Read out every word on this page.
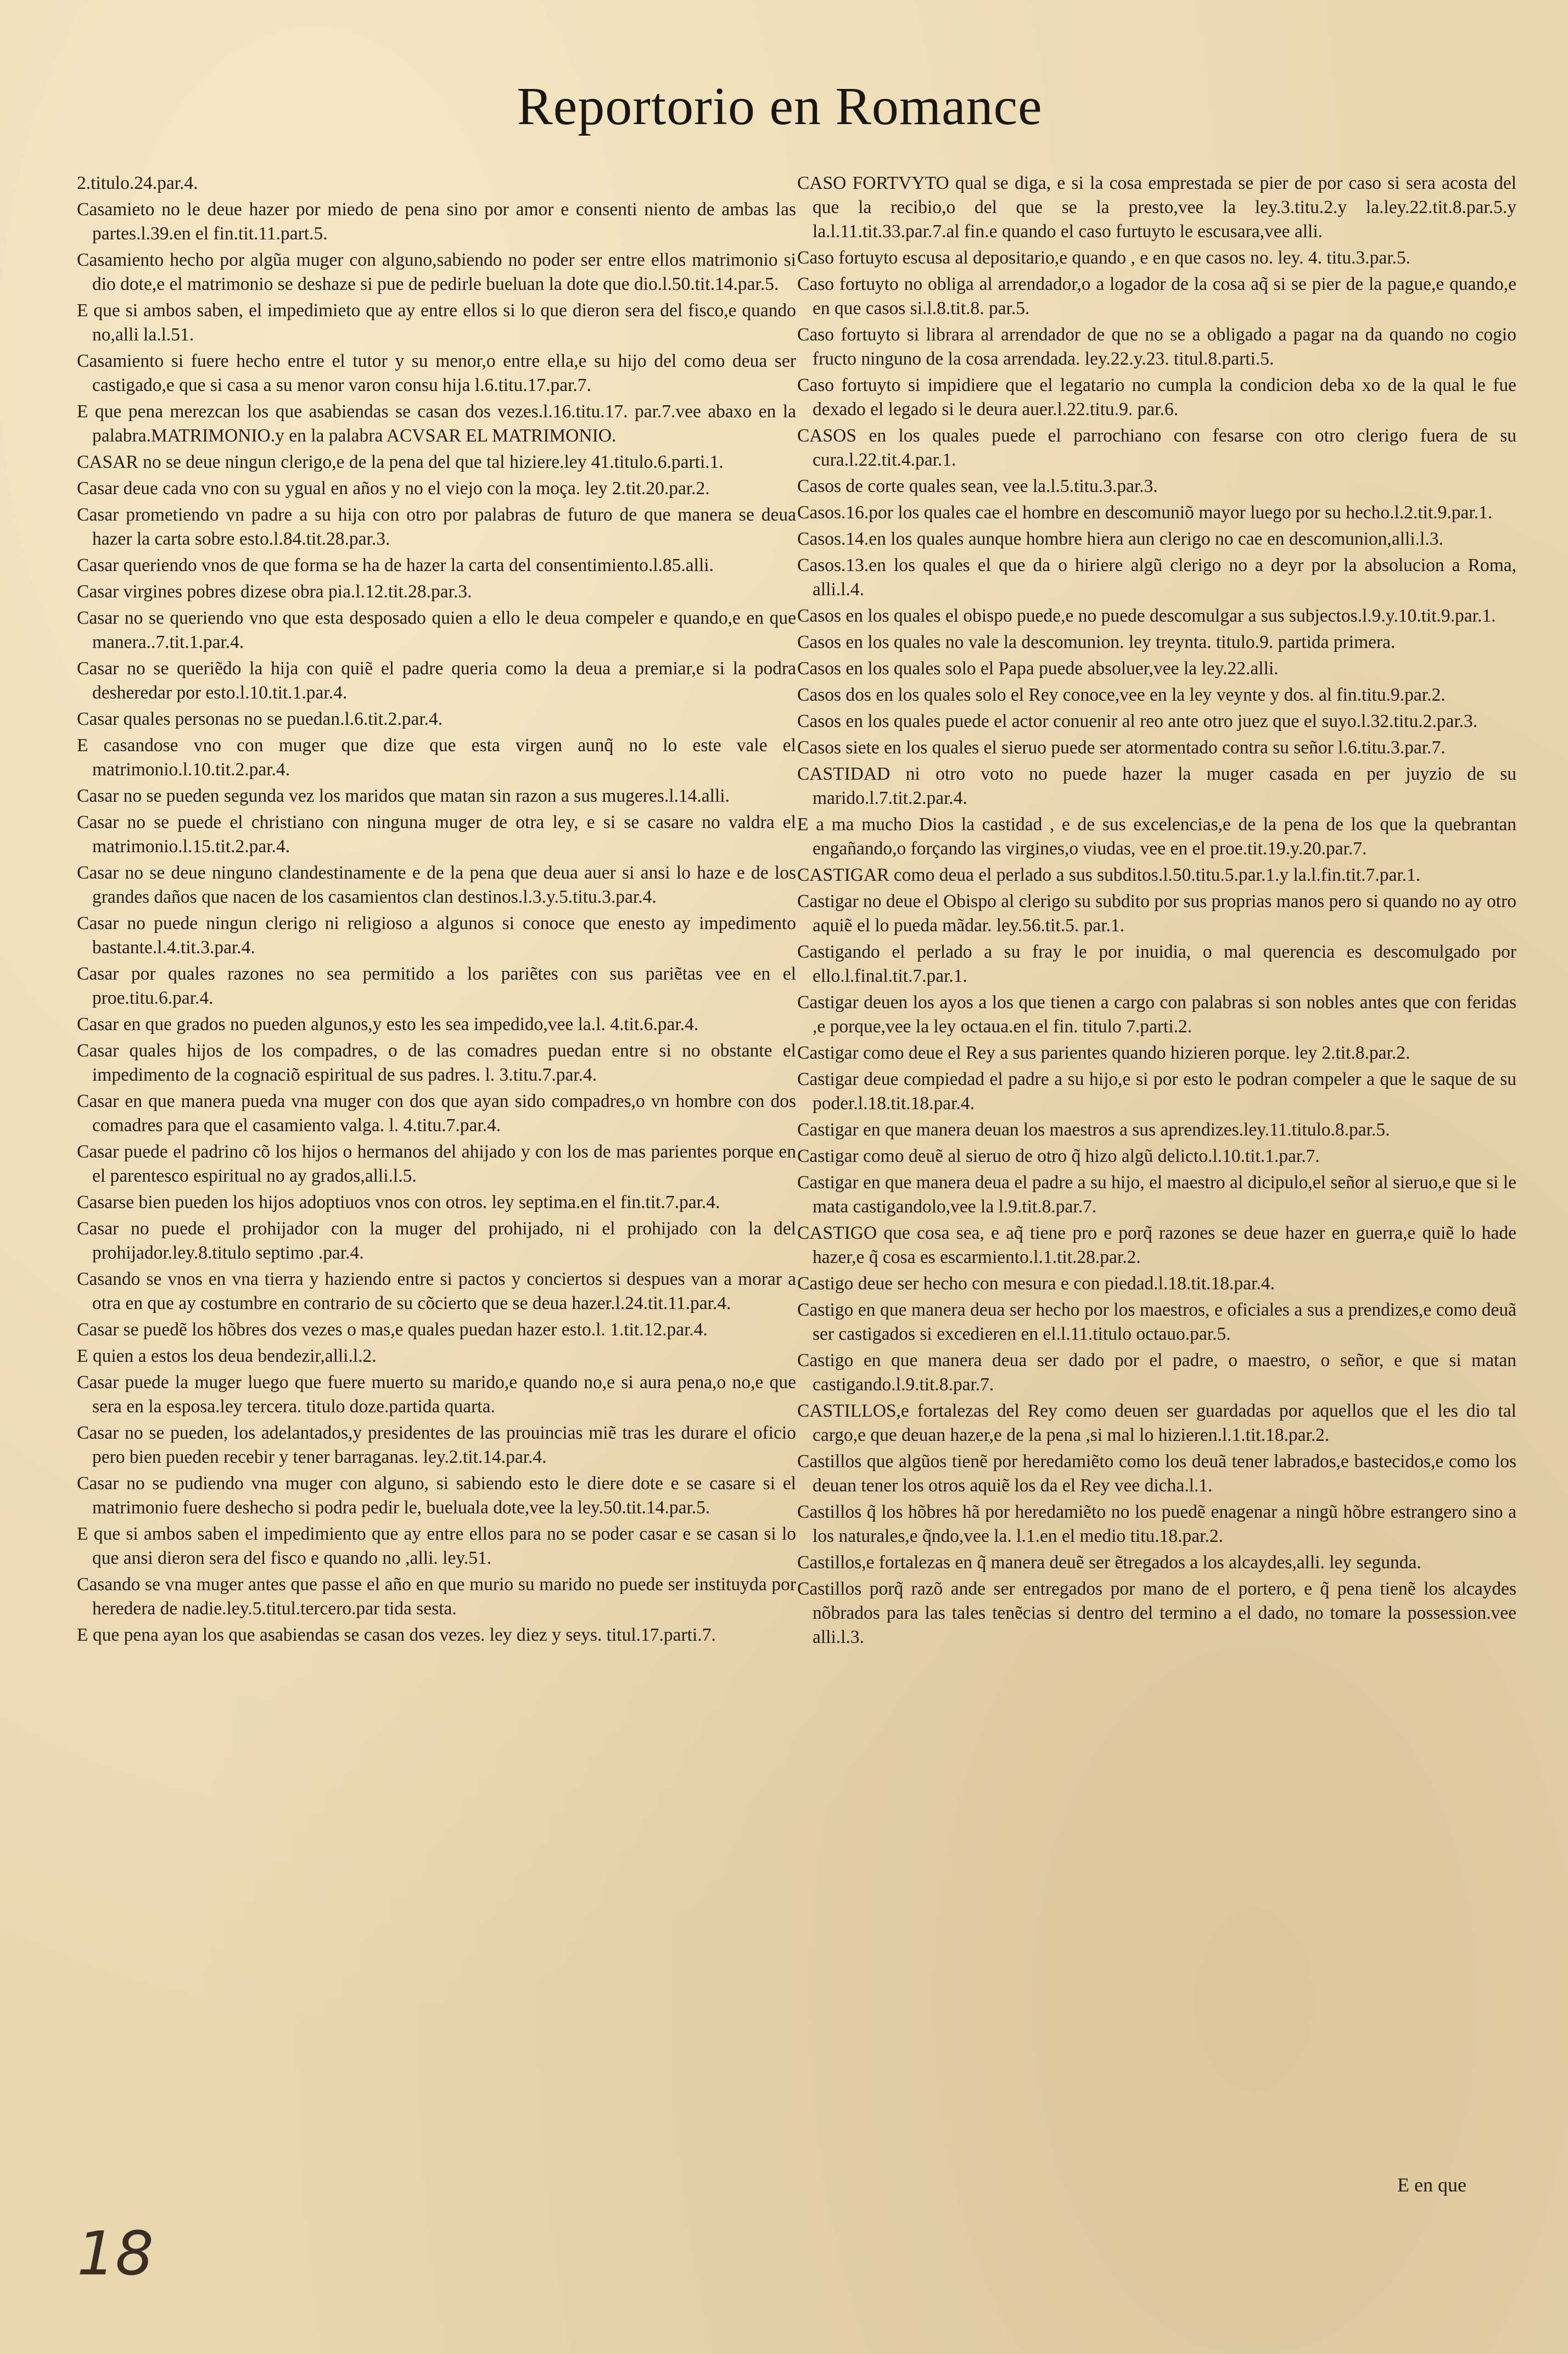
Reportorio en Romance

2.titulo.24.par.4.

Casamieto no le deue hazer por miedo de pena sino por amor e consenti niento de ambas las partes.l.39.en el fin.tit.11.part.5.

Casamiento hecho por algũa muger con alguno,sabiendo no poder ser entre ellos matrimonio si dio dote,e el matrimonio se deshaze si pue de pedirle bueluan la dote que dio.l.50.tit.14.par.5.

E que si ambos saben, el impedimieto que ay entre ellos si lo que dieron sera del fisco,e quando no,alli la.l.51.

Casamiento si fuere hecho entre el tutor y su menor,o entre ella,e su hijo del como deua ser castigado,e que si casa a su menor varon consu hija l.6.titu.17.par.7.

E que pena merezcan los que asabiendas se casan dos vezes.l.16.titu.17. par.7.vee abaxo en la palabra.MATRIMONIO.y en la palabra ACVSAR EL MATRIMONIO.

CASAR no se deue ningun clerigo,e de la pena del que tal hiziere.ley 41.titulo.6.parti.1.

Casar deue cada vno con su ygual en años y no el viejo con la moça. ley 2.tit.20.par.2.

Casar prometiendo vn padre a su hija con otro por palabras de futuro de que manera se deua hazer la carta sobre esto.l.84.tit.28.par.3.

Casar queriendo vnos de que forma se ha de hazer la carta del consentimiento.l.85.alli.

Casar virgines pobres dizese obra pia.l.12.tit.28.par.3.

Casar no se queriendo vno que esta desposado quien a ello le deua compeler e quando,e en que manera..7.tit.1.par.4.

Casar no se queriẽdo la hija con quiẽ el padre queria como la deua a premiar,e si la podra desheredar por esto.l.10.tit.1.par.4.

Casar quales personas no se puedan.l.6.tit.2.par.4.

E casandose vno con muger que dize que esta virgen aunq̃ no lo este vale el matrimonio.l.10.tit.2.par.4.

Casar no se pueden segunda vez los maridos que matan sin razon a sus mugeres.l.14.alli.

Casar no se puede el christiano con ninguna muger de otra ley, e si se casare no valdra el matrimonio.l.15.tit.2.par.4.

Casar no se deue ninguno clandestinamente e de la pena que deua auer si ansi lo haze e de los grandes daños que nacen de los casamientos clan destinos.l.3.y.5.titu.3.par.4.

Casar no puede ningun clerigo ni religioso a algunos si conoce que enesto ay impedimento bastante.l.4.tit.3.par.4.

Casar por quales razones no sea permitido a los pariẽtes con sus pariẽtas vee en el proe.titu.6.par.4.

Casar en que grados no pueden algunos,y esto les sea impedido,vee la.l. 4.tit.6.par.4.

Casar quales hijos de los compadres, o de las comadres puedan entre si no obstante el impedimento de la cognaciõ espiritual de sus padres. l. 3.titu.7.par.4.

Casar en que manera pueda vna muger con dos que ayan sido compadres,o vn hombre con dos comadres para que el casamiento valga. l. 4.titu.7.par.4.

Casar puede el padrino cõ los hijos o hermanos del ahijado y con los de mas parientes porque en el parentesco espiritual no ay grados,alli.l.5.

Casarse bien pueden los hijos adoptiuos vnos con otros. ley septima.en el fin.tit.7.par.4.

Casar no puede el prohijador con la muger del prohijado, ni el prohijado con la del prohijador.ley.8.titulo septimo .par.4.

Casando se vnos en vna tierra y haziendo entre si pactos y conciertos si despues van a morar a otra en que ay costumbre en contrario de su cõcierto que se deua hazer.l.24.tit.11.par.4.

Casar se puedẽ los hõbres dos vezes o mas,e quales puedan hazer esto.l. 1.tit.12.par.4.

E quien a estos los deua bendezir,alli.l.2.

Casar puede la muger luego que fuere muerto su marido,e quando no,e si aura pena,o no,e que sera en la esposa.ley tercera. titulo doze.partida quarta.

Casar no se pueden, los adelantados,y presidentes de las prouincias miẽ tras les durare el oficio pero bien pueden recebir y tener barraganas. ley.2.tit.14.par.4.

Casar no se pudiendo vna muger con alguno, si sabiendo esto le diere dote e se casare si el matrimonio fuere deshecho si podra pedir le, bueluala dote,vee la ley.50.tit.14.par.5.

E que si ambos saben el impedimiento que ay entre ellos para no se poder casar e se casan si lo que ansi dieron sera del fisco e quando no ,alli. ley.51.

Casando se vna muger antes que passe el año en que murio su marido no puede ser instituyda por heredera de nadie.ley.5.titul.tercero.par tida sesta.

E que pena ayan los que asabiendas se casan dos vezes. ley diez y seys. titul.17.parti.7.

CASO FORTVYTO qual se diga, e si la cosa emprestada se pier de por caso si sera acosta del que la recibio,o del que se la presto,vee la ley.3.titu.2.y la.ley.22.tit.8.par.5.y la.l.11.tit.33.par.7.al fin.e quando el caso furtuyto le escusara,vee alli.

Caso fortuyto escusa al depositario,e quando , e en que casos no. ley. 4. titu.3.par.5.

Caso fortuyto no obliga al arrendador,o a logador de la cosa aq̃ si se pier de la pague,e quando,e en que casos si.l.8.tit.8. par.5.

Caso fortuyto si librara al arrendador de que no se a obligado a pagar na da quando no cogio fructo ninguno de la cosa arrendada. ley.22.y.23. titul.8.parti.5.

Caso fortuyto si impidiere que el legatario no cumpla la condicion deba xo de la qual le fue dexado el legado si le deura auer.l.22.titu.9. par.6.

CASOS en los quales puede el parrochiano con fesarse con otro clerigo fuera de su cura.l.22.tit.4.par.1.

Casos de corte quales sean, vee la.l.5.titu.3.par.3.

Casos.16.por los quales cae el hombre en descomuniõ mayor luego por su hecho.l.2.tit.9.par.1.

Casos.14.en los quales aunque hombre hiera aun clerigo no cae en descomunion,alli.l.3.

Casos.13.en los quales el que da o hiriere algũ clerigo no a deyr por la absolucion a Roma, alli.l.4.

Casos en los quales el obispo puede,e no puede descomulgar a sus subjectos.l.9.y.10.tit.9.par.1.

Casos en los quales no vale la descomunion. ley treynta. titulo.9. partida primera.

Casos en los quales solo el Papa puede absoluer,vee la ley.22.alli.

Casos dos en los quales solo el Rey conoce,vee en la ley veynte y dos. al fin.titu.9.par.2.

Casos en los quales puede el actor conuenir al reo ante otro juez que el suyo.l.32.titu.2.par.3.

Casos siete en los quales el sieruo puede ser atormentado contra su señor l.6.titu.3.par.7.

CASTIDAD ni otro voto no puede hazer la muger casada en per juyzio de su marido.l.7.tit.2.par.4.

E a ma mucho Dios la castidad , e de sus excelencias,e de la pena de los que la quebrantan engañando,o forçando las virgines,o viudas, vee en el proe.tit.19.y.20.par.7.

CASTIGAR como deua el perlado a sus subditos.l.50.titu.5.par.1.y la.l.fin.tit.7.par.1.

Castigar no deue el Obispo al clerigo su subdito por sus proprias manos pero si quando no ay otro aquiẽ el lo pueda mãdar. ley.56.tit.5. par.1.

Castigando el perlado a su fray le por inuidia, o mal querencia es descomulgado por ello.l.final.tit.7.par.1.

Castigar deuen los ayos a los que tienen a cargo con palabras si son nobles antes que con feridas ,e porque,vee la ley octaua.en el fin. titulo 7.parti.2.

Castigar como deue el Rey a sus parientes quando hizieren porque. ley 2.tit.8.par.2.

Castigar deue compiedad el padre a su hijo,e si por esto le podran compeler a que le saque de su poder.l.18.tit.18.par.4.

Castigar en que manera deuan los maestros a sus aprendizes.ley.11.titulo.8.par.5.

Castigar como deuẽ al sieruo de otro q̃ hizo algũ delicto.l.10.tit.1.par.7.

Castigar en que manera deua el padre a su hijo, el maestro al dicipulo,el señor al sieruo,e que si le mata castigandolo,vee la l.9.tit.8.par.7.

CASTIGO que cosa sea, e aq̃ tiene pro e porq̃ razones se deue hazer en guerra,e quiẽ lo hade hazer,e q̃ cosa es escarmiento.l.1.tit.28.par.2.

Castigo deue ser hecho con mesura e con piedad.l.18.tit.18.par.4.

Castigo en que manera deua ser hecho por los maestros, e oficiales a sus a prendizes,e como deuã ser castigados si excedieren en el.l.11.titulo octauo.par.5.

Castigo en que manera deua ser dado por el padre, o maestro, o señor, e que si matan castigando.l.9.tit.8.par.7.

CASTILLOS,e fortalezas del Rey como deuen ser guardadas por aquellos que el les dio tal cargo,e que deuan hazer,e de la pena ,si mal lo hizieren.l.1.tit.18.par.2.

Castillos que algũos tienẽ por heredamiẽto como los deuã tener labrados,e bastecidos,e como los deuan tener los otros aquiẽ los da el Rey vee dicha.l.1.

Castillos q̃ los hõbres hã por heredamiẽto no los puedẽ enagenar a ningũ hõbre estrangero sino a los naturales,e q̃ndo,vee la. l.1.en el medio titu.18.par.2.

Castillos,e fortalezas en q̃ manera deuẽ ser ẽtregados a los alcaydes,alli. ley segunda.

Castillos porq̃ razõ ande ser entregados por mano de el portero, e q̃ pena tienẽ los alcaydes nõbrados para las tales tenẽcias si dentro del termino a el dado, no tomare la possession.vee alli.l.3.

E en que
18
